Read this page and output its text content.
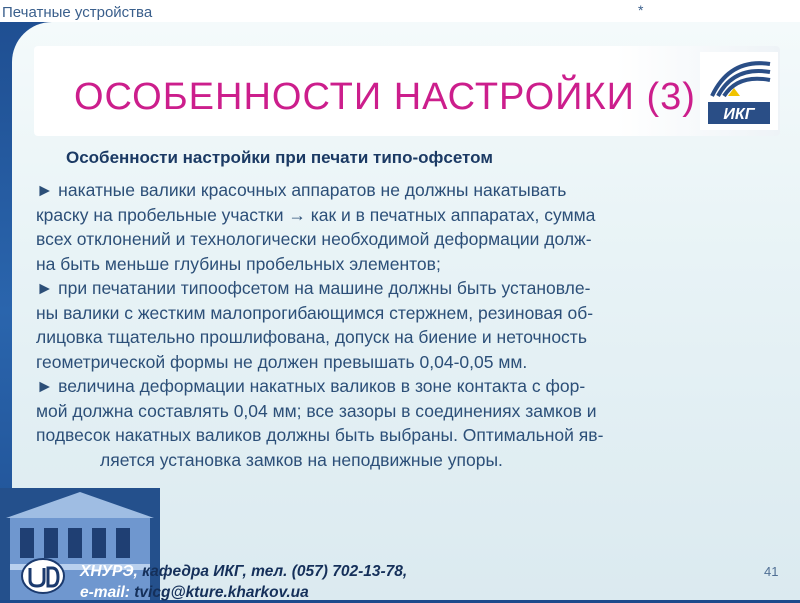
Печатные устройства	*
ОСОБЕННОСТИ НАСТРОЙКИ (3) ИКГ
Особенности настройки при печати типо-офсетом
► накатные валики красочных аппаратов не должны накатывать
краску на пробельные участки → как и в печатных аппаратах, сумма
всех отклонений и технологически необходимой деформации долж-
на быть меньше глубины пробельных элементов;
► при печатании типоофсетом на машине должны быть установле-
ны валики с жестким малопрогибающимся стержнем, резиновая об-
лицовка тщательно прошлифована, допуск на биение и неточность
геометрической формы не должен превышать 0,04-0,05 мм.
► величина деформации накатных валиков в зоне контакта с фор-
мой должна составлять 0,04 мм; все зазоры в соединениях замков и
подвесок накатных валиков должны быть выбраны. Оптимальной яв-
ляется установка замков на неподвижные упоры.
ХНУРЭ, кафедра ИКГ, тел. (057) 702-13-78,
e-mail: tvicg@kture.kharkov.ua
41
